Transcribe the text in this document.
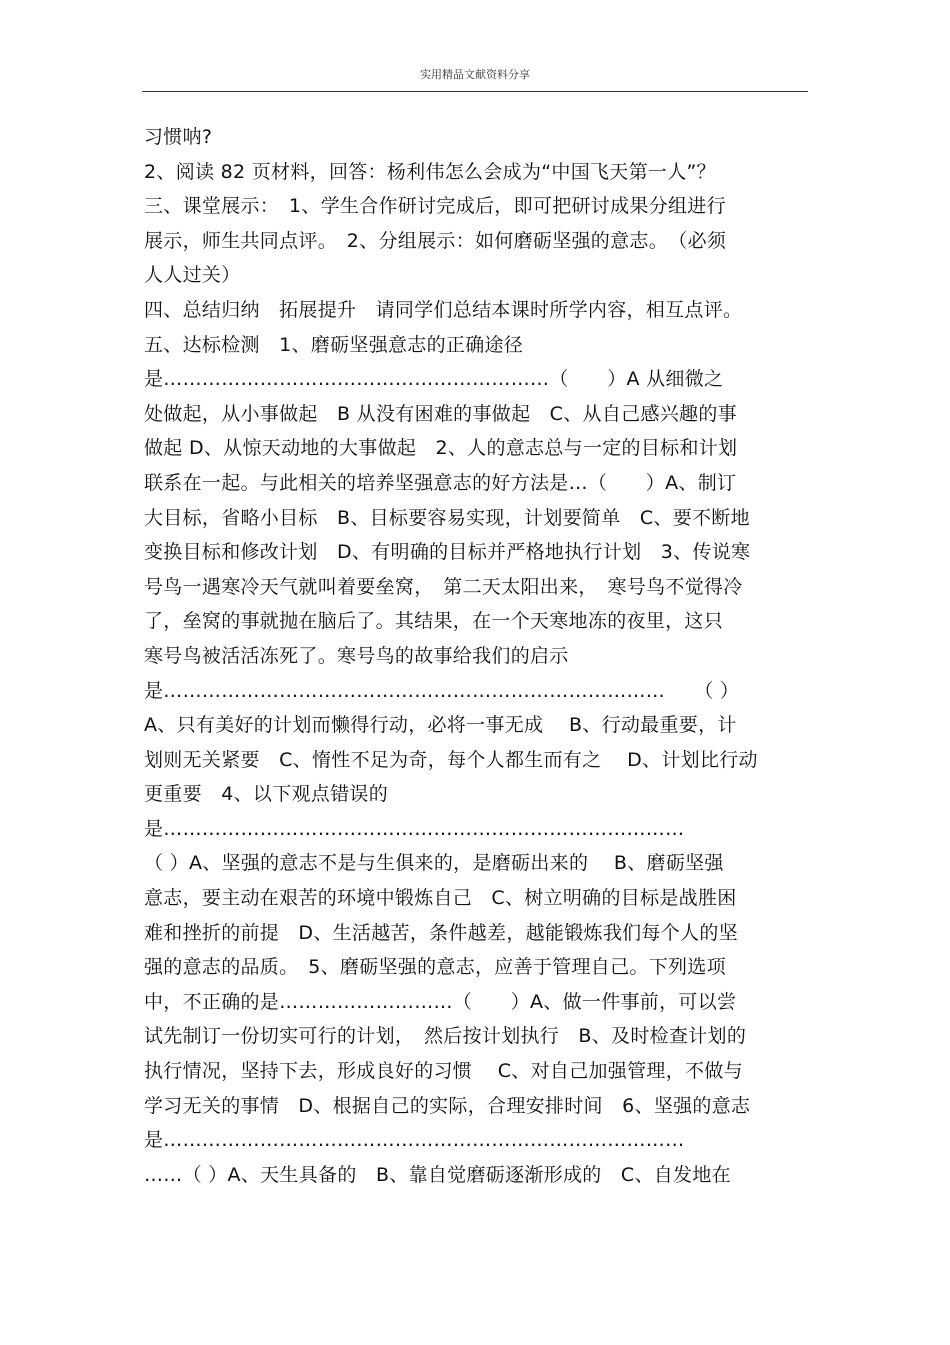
实用精品文献资料分享
习惯呐?
2、阅读 82 页材料，回答：杨利伟怎么会成为“中国飞天第一人”？
三、课堂展示：　1、学生合作研讨完成后，即可把研讨成果分组进行
展示，师生共同点评。　2、分组展示：如何磨砺坚强的意志。　（必须
人人过关）
四、总结归纳　拓展提升　请同学们总结本课时所学内容，相互点评。
五、达标检测　1、磨砺坚强意志的正确途径
是……………………………………………………（　　）A 从细微之
处做起，从小事做起　B 从没有困难的事做起　C、从自己感兴趣的事
做起 D、从惊天动地的大事做起　2、人的意志总与一定的目标和计划
联系在一起。与此相关的培养坚强意志的好方法是…（　　）A、制订
大目标，省略小目标　B、目标要容易实现，计划要简单　C、要不断地
变换目标和修改计划　D、有明确的目标并严格地执行计划　3、传说寒
号鸟一遇寒冷天气就叫着要垒窝，　第二天太阳出来，　寒号鸟不觉得冷
了，垒窝的事就抛在脑后了。其结果，在一个天寒地冻的夜里，这只
寒号鸟被活活冻死了。寒号鸟的故事给我们的启示
是……………………………………………………………………　　（ ）
A、只有美好的计划而懒得行动，必将一事无成　 B、行动最重要，计
划则无关紧要　C、惰性不足为奇，每个人都生而有之　 D、计划比行动
更重要　4、以下观点错误的
是………………………………………………………………………
（ ）A、坚强的意志不是与生俱来的，是磨砺出来的　 B、磨砺坚强
意志，要主动在艰苦的环境中锻炼自己　C、树立明确的目标是战胜困
难和挫折的前提　D、生活越苦，条件越差，越能锻炼我们每个人的坚
强的意志的品质。　5、磨砺坚强的意志，应善于管理自己。下列选项
中，不正确的是………………………（　　）A、做一件事前，可以尝
试先制订一份切实可行的计划，　然后按计划执行　B、及时检查计划的
执行情况，坚持下去，形成良好的习惯　 C、对自己加强管理，不做与
学习无关的事情　D、根据自己的实际，合理安排时间　6、坚强的意志
是………………………………………………………………………
……（ ）A、天生具备的　B、靠自觉磨砺逐渐形成的　C、自发地在
